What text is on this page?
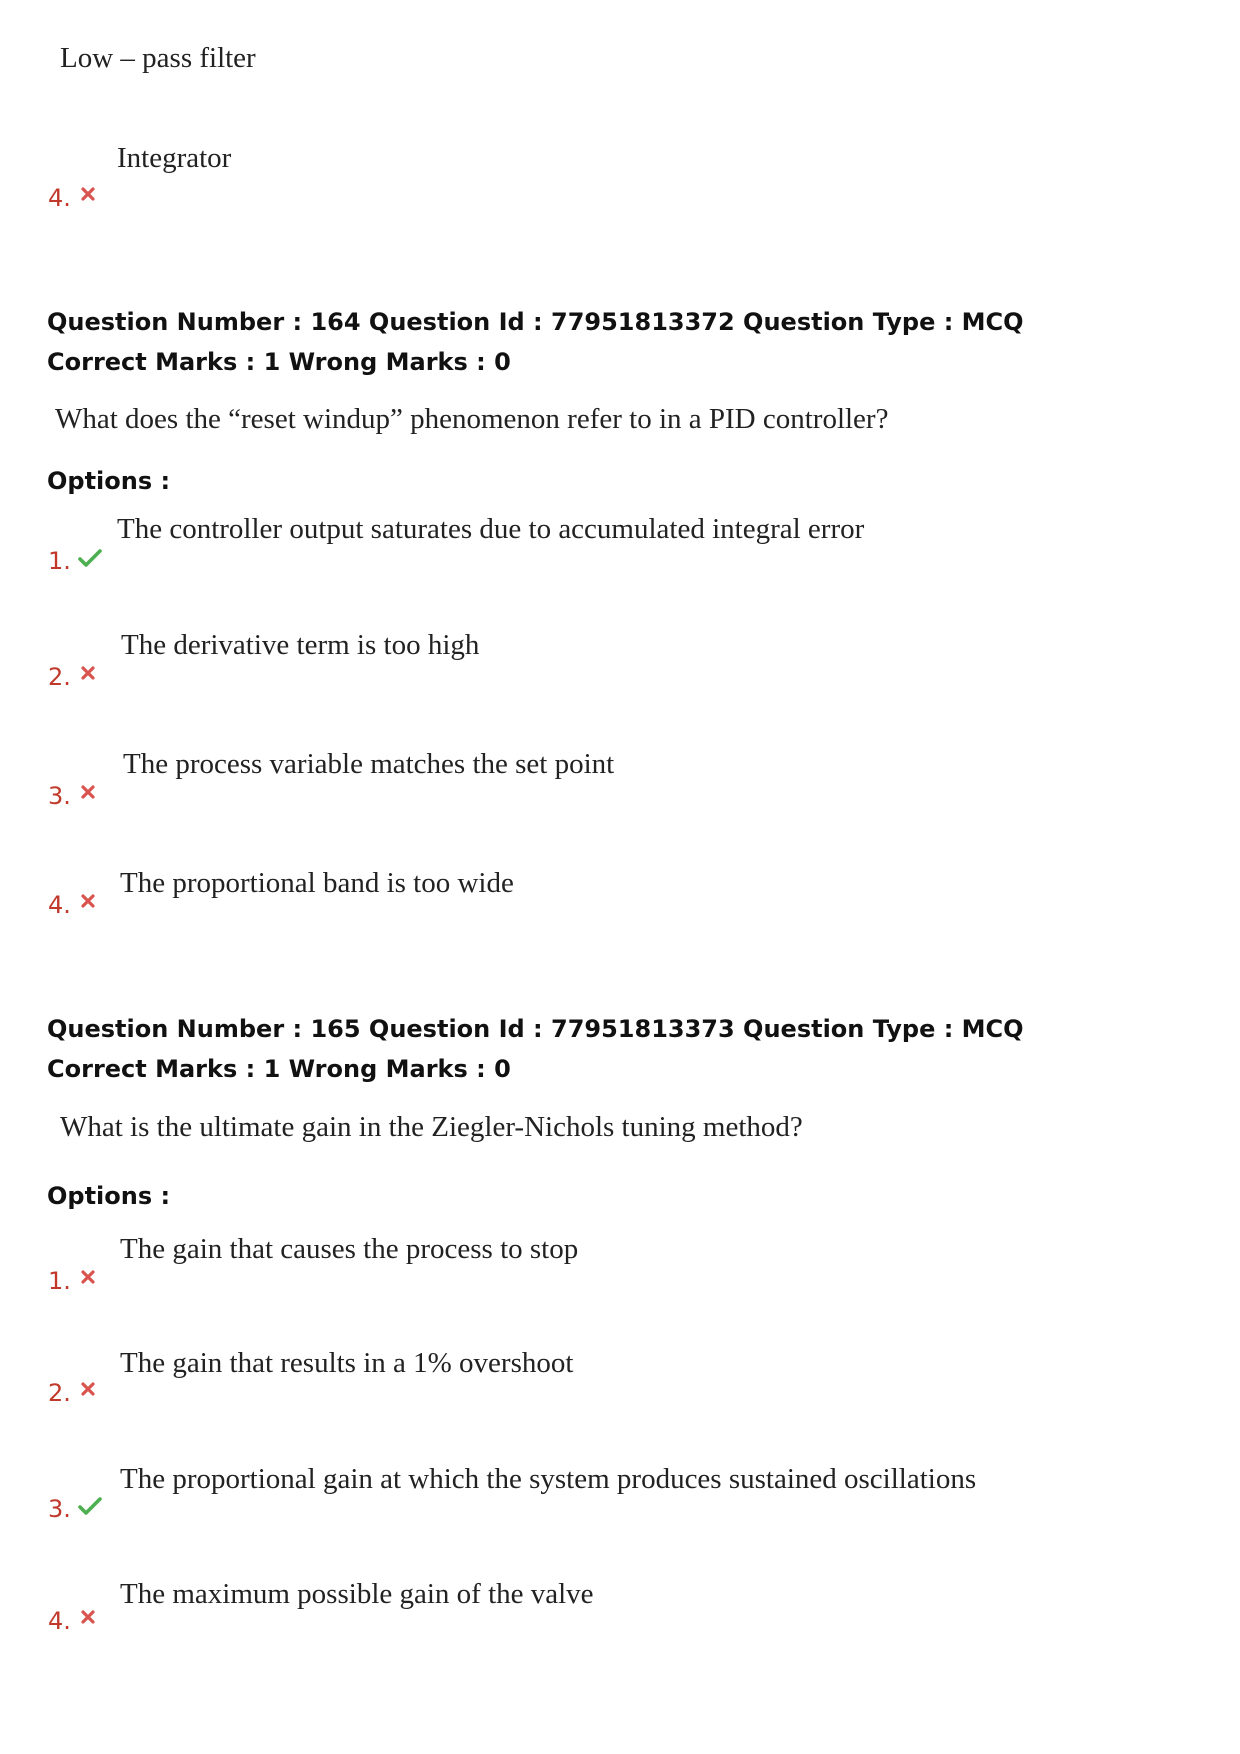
Low – pass filter
Integrator
4.
Question Number : 164 Question Id : 77951813372 Question Type : MCQ
Correct Marks : 1 Wrong Marks : 0
What does the “reset windup” phenomenon refer to in a PID controller?
Options :
The controller output saturates due to accumulated integral error
1.
The derivative term is too high
2.
The process variable matches the set point
3.
The proportional band is too wide
4.
Question Number : 165 Question Id : 77951813373 Question Type : MCQ
Correct Marks : 1 Wrong Marks : 0
What is the ultimate gain in the Ziegler-Nichols tuning method?
Options :
The gain that causes the process to stop
1.
The gain that results in a 1% overshoot
2.
The proportional gain at which the system produces sustained oscillations
3.
The maximum possible gain of the valve
4.
